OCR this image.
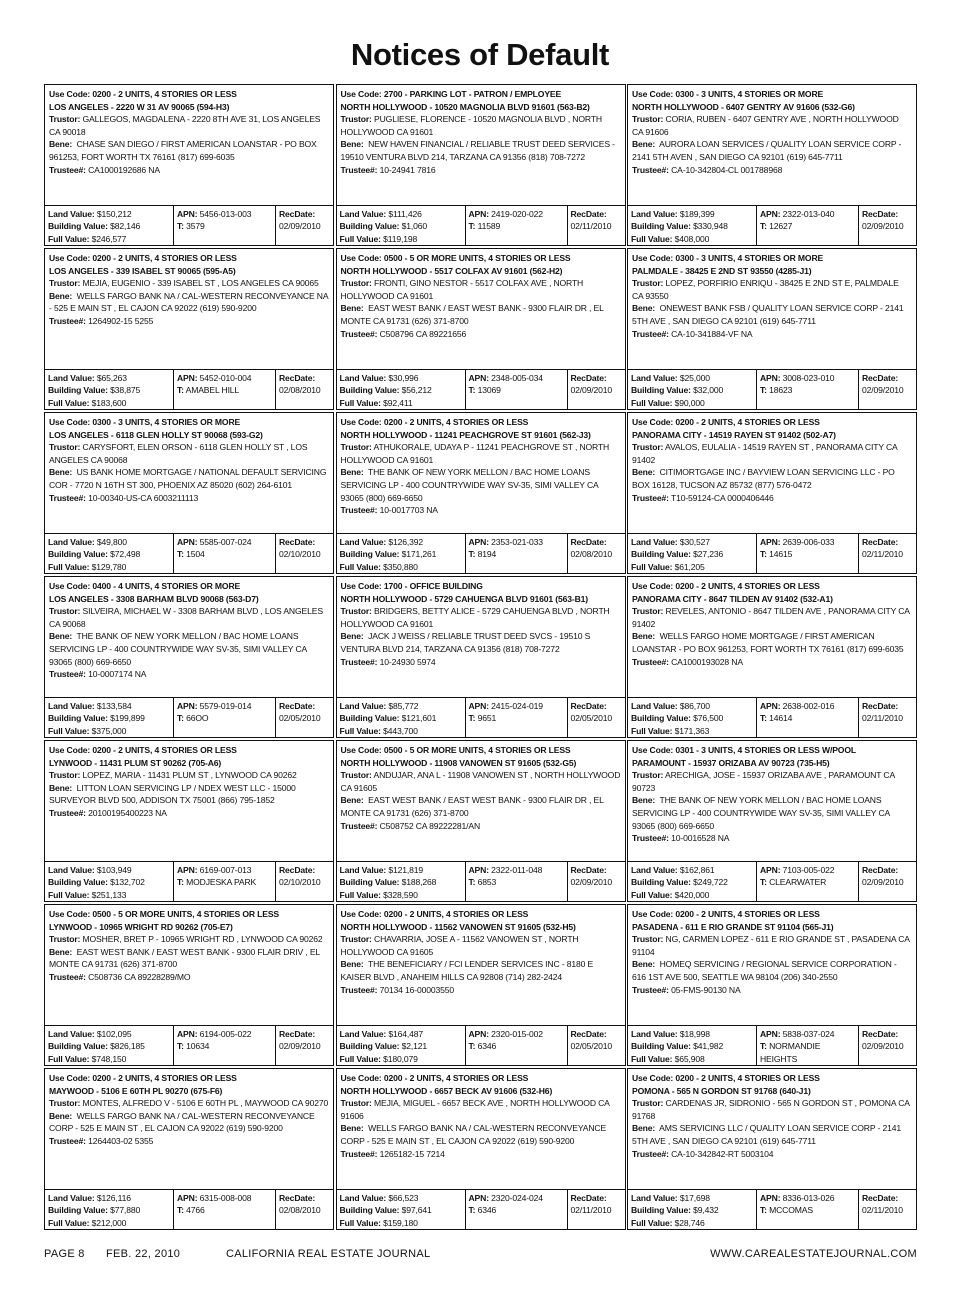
Notices of Default
Use Code: 0200 - 2 UNITS, 4 STORIES OR LESS
LOS ANGELES - 2220 W 31 AV 90065 (594-H3)
Trustor: GALLEGOS, MAGDALENA - 2220 8TH AVE 31, LOS ANGELES CA 90018
Bene: CHASE SAN DIEGO / FIRST AMERICAN LOANSTAR - PO BOX 961253, FORT WORTH TX 76161 (817) 699-6035
Trustee#: CA1000192686 NA
Land Value: $150,212
Building Value: $82,146
Full Value: $246,577
APN: 5456-013-003
T: 3579
RecDate:
02/09/2010
Use Code: 2700 - PARKING LOT - PATRON / EMPLOYEE
NORTH HOLLYWOOD - 10520 MAGNOLIA BLVD 91601 (563-B2)
Trustor: PUGLIESE, FLORENCE - 10520 MAGNOLIA BLVD , NORTH HOLLYWOOD CA 91601
Bene: NEW HAVEN FINANCIAL / RELIABLE TRUST DEED SERVICES - 19510 VENTURA BLVD 214, TARZANA CA 91356 (818) 708-7272
Trustee#: 10-24941 7816
Land Value: $111,426
Building Value: $1,060
Full Value: $119,198
APN: 2419-020-022
T: 11589
RecDate:
02/11/2010
Use Code: 0300 - 3 UNITS, 4 STORIES OR MORE
NORTH HOLLYWOOD - 6407 GENTRY AV 91606 (532-G6)
Trustor: CORIA, RUBEN - 6407 GENTRY AVE , NORTH HOLLYWOOD CA 91606
Bene: AURORA LOAN SERVICES / QUALITY LOAN SERVICE CORP - 2141 5TH AVEN , SAN DIEGO CA 92101 (619) 645-7711
Trustee#: CA-10-342804-CL 001788968
Land Value: $189,399
Building Value: $330,948
Full Value: $408,000
APN: 2322-013-040
T: 12627
RecDate:
02/09/2010
Use Code: 0200 - 2 UNITS, 4 STORIES OR LESS
LOS ANGELES - 339 ISABEL ST 90065 (595-A5)
Trustor: MEJIA, EUGENIO - 339 ISABEL ST , LOS ANGELES CA 90065
Bene: WELLS FARGO BANK NA / CAL-WESTERN RECONVEYANCE NA - 525 E MAIN ST , EL CAJON CA 92022 (619) 590-9200
Trustee#: 1264902-15 5255
Land Value: $65,263
Building Value: $38,875
Full Value: $183,600
APN: 5452-010-004
T: AMABEL HILL
RecDate:
02/08/2010
Use Code: 0500 - 5 OR MORE UNITS, 4 STORIES OR LESS
NORTH HOLLYWOOD - 5517 COLFAX AV 91601 (562-H2)
Trustor: FRONTI, GINO NESTOR - 5517 COLFAX AVE , NORTH HOLLYWOOD CA 91601
Bene: EAST WEST BANK / EAST WEST BANK - 9300 FLAIR DR , EL MONTE CA 91731 (626) 371-8700
Trustee#: C508796 CA 89221656
Land Value: $30,996
Building Value: $56,212
Full Value: $92,411
APN: 2348-005-034
T: 13069
RecDate:
02/09/2010
Use Code: 0300 - 3 UNITS, 4 STORIES OR MORE
PALMDALE - 38425 E 2ND ST 93550 (4285-J1)
Trustor: LOPEZ, PORFIRIO ENRIQU - 38425 E 2ND ST E, PALMDALE CA 93550
Bene: ONEWEST BANK FSB / QUALITY LOAN SERVICE CORP - 2141 5TH AVE , SAN DIEGO CA 92101 (619) 645-7711
Trustee#: CA-10-341884-VF NA
Land Value: $25,000
Building Value: $32,000
Full Value: $90,000
APN: 3008-023-010
T: 18623
RecDate:
02/09/2010
Use Code: 0300 - 3 UNITS, 4 STORIES OR MORE
LOS ANGELES - 6118 GLEN HOLLY ST 90068 (593-G2)
Trustor: CARYSFORT, ELEN ORSON - 6118 GLEN HOLLY ST , LOS ANGELES CA 90068
Bene: US BANK HOME MORTGAGE / NATIONAL DEFAULT SERVICING COR - 7720 N 16TH ST 300, PHOENIX AZ 85020 (602) 264-6101
Trustee#: 10-00340-US-CA 6003211113
Land Value: $49,800
Building Value: $72,498
Full Value: $129,780
APN: 5585-007-024
T: 1504
RecDate:
02/10/2010
Use Code: 0200 - 2 UNITS, 4 STORIES OR LESS
NORTH HOLLYWOOD - 11241 PEACHGROVE ST 91601 (562-J3)
Trustor: ATHUKORALE, UDAYA P - 11241 PEACHGROVE ST , NORTH HOLLYWOOD CA 91601
Bene: THE BANK OF NEW YORK MELLON / BAC HOME LOANS SERVICING LP - 400 COUNTRYWIDE WAY SV-35, SIMI VALLEY CA 93065 (800) 669-6650
Trustee#: 10-0017703 NA
Land Value: $126,392
Building Value: $171,261
Full Value: $350,880
APN: 2353-021-033
T: 8194
RecDate:
02/08/2010
Use Code: 0200 - 2 UNITS, 4 STORIES OR LESS
PANORAMA CITY - 14519 RAYEN ST 91402 (502-A7)
Trustor: AVALOS, EULALIA - 14519 RAYEN ST , PANORAMA CITY CA 91402
Bene: CITIMORTGAGE INC / BAYVIEW LOAN SERVICING LLC - PO BOX 16128, TUCSON AZ 85732 (877) 576-0472
Trustee#: T10-59124-CA 0000406446
Land Value: $30,527
Building Value: $27,236
Full Value: $61,205
APN: 2639-006-033
T: 14615
RecDate:
02/11/2010
Use Code: 0400 - 4 UNITS, 4 STORIES OR MORE
LOS ANGELES - 3308 BARHAM BLVD 90068 (563-D7)
Trustor: SILVEIRA, MICHAEL W - 3308 BARHAM BLVD , LOS ANGELES CA 90068
Bene: THE BANK OF NEW YORK MELLON / BAC HOME LOANS SERVICING LP - 400 COUNTRYWIDE WAY SV-35, SIMI VALLEY CA 93065 (800) 669-6650
Trustee#: 10-0007174 NA
Land Value: $133,584
Building Value: $199,899
Full Value: $375,000
APN: 5579-019-014
T: 66OO
RecDate:
02/05/2010
Use Code: 1700 - OFFICE BUILDING
NORTH HOLLYWOOD - 5729 CAHUENGA BLVD 91601 (563-B1)
Trustor: BRIDGERS, BETTY ALICE - 5729 CAHUENGA BLVD , NORTH HOLLYWOOD CA 91601
Bene: JACK J WEISS / RELIABLE TRUST DEED SVCS - 19510 S VENTURA BLVD 214, TARZANA CA 91356 (818) 708-7272
Trustee#: 10-24930 5974
Land Value: $85,772
Building Value: $121,601
Full Value: $443,700
APN: 2415-024-019
T: 9651
RecDate:
02/05/2010
Use Code: 0200 - 2 UNITS, 4 STORIES OR LESS
PANORAMA CITY - 8647 TILDEN AV 91402 (532-A1)
Trustor: REVELES, ANTONIO - 8647 TILDEN AVE , PANORAMA CITY CA 91402
Bene: WELLS FARGO HOME MORTGAGE / FIRST AMERICAN LOANSTAR - PO BOX 961253, FORT WORTH TX 76161 (817) 699-6035
Trustee#: CA1000193028 NA
Land Value: $86,700
Building Value: $76,500
Full Value: $171,363
APN: 2638-002-016
T: 14614
RecDate:
02/11/2010
Use Code: 0200 - 2 UNITS, 4 STORIES OR LESS
LYNWOOD - 11431 PLUM ST 90262 (705-A6)
Trustor: LOPEZ, MARIA - 11431 PLUM ST , LYNWOOD CA 90262
Bene: LITTON LOAN SERVICING LP / NDEX WEST LLC - 15000 SURVEYOR BLVD 500, ADDISON TX 75001 (866) 795-1852
Trustee#: 20100195400223 NA
Land Value: $103,949
Building Value: $132,702
Full Value: $251,133
APN: 6169-007-013
T: MODJESKA PARK
RecDate:
02/10/2010
Use Code: 0500 - 5 OR MORE UNITS, 4 STORIES OR LESS
NORTH HOLLYWOOD - 11908 VANOWEN ST 91605 (532-G5)
Trustor: ANDUJAR, ANA L - 11908 VANOWEN ST , NORTH HOLLYWOOD CA 91605
Bene: EAST WEST BANK / EAST WEST BANK - 9300 FLAIR DR , EL MONTE CA 91731 (626) 371-8700
Trustee#: C508752 CA 89222281/AN
Land Value: $121,819
Building Value: $188,268
Full Value: $328,590
APN: 2322-011-048
T: 6853
RecDate:
02/09/2010
Use Code: 0301 - 3 UNITS, 4 STORIES OR LESS W/POOL
PARAMOUNT - 15937 ORIZABA AV 90723 (735-H5)
Trustor: ARECHIGA, JOSE - 15937 ORIZABA AVE , PARAMOUNT CA 90723
Bene: THE BANK OF NEW YORK MELLON / BAC HOME LOANS SERVICING LP - 400 COUNTRYWIDE WAY SV-35, SIMI VALLEY CA 93065 (800) 669-6650
Trustee#: 10-0016528 NA
Land Value: $162,861
Building Value: $249,722
Full Value: $420,000
APN: 7103-005-022
T: CLEARWATER
RecDate:
02/09/2010
Use Code: 0500 - 5 OR MORE UNITS, 4 STORIES OR LESS
LYNWOOD - 10965 WRIGHT RD 90262 (705-E7)
Trustor: MOSHER, BRET P - 10965 WRIGHT RD , LYNWOOD CA 90262
Bene: EAST WEST BANK / EAST WEST BANK - 9300 FLAIR DRIV , EL MONTE CA 91731 (626) 371-8700
Trustee#: C508736 CA 89228289/MO
Land Value: $102,095
Building Value: $826,185
Full Value: $748,150
APN: 6194-005-022
T: 10634
RecDate:
02/09/2010
Use Code: 0200 - 2 UNITS, 4 STORIES OR LESS
NORTH HOLLYWOOD - 11562 VANOWEN ST 91605 (532-H5)
Trustor: CHAVARRIA, JOSE A - 11562 VANOWEN ST , NORTH HOLLYWOOD CA 91605
Bene: THE BENEFICIARY / FCI LENDER SERVICES INC - 8180 E KAISER BLVD , ANAHEIM HILLS CA 92808 (714) 282-2424
Trustee#: 70134 16-00003550
Land Value: $164,487
Building Value: $2,121
Full Value: $180,079
APN: 2320-015-002
T: 6346
RecDate:
02/05/2010
Use Code: 0200 - 2 UNITS, 4 STORIES OR LESS
PASADENA - 611 E RIO GRANDE ST 91104 (565-J1)
Trustor: NG, CARMEN LOPEZ - 611 E RIO GRANDE ST , PASADENA CA 91104
Bene: HOMEQ SERVICING / REGIONAL SERVICE CORPORATION - 616 1ST AVE 500, SEATTLE WA 98104 (206) 340-2550
Trustee#: 05-FMS-90130 NA
Land Value: $18,998
Building Value: $41,982
Full Value: $65,908
APN: 5838-037-024
T: NORMANDIE HEIGHTS
RecDate:
02/09/2010
Use Code: 0200 - 2 UNITS, 4 STORIES OR LESS
MAYWOOD - 5106 E 60TH PL 90270 (675-F6)
Trustor: MONTES, ALFREDO V - 5106 E 60TH PL , MAYWOOD CA 90270
Bene: WELLS FARGO BANK NA / CAL-WESTERN RECONVEYANCE CORP - 525 E MAIN ST , EL CAJON CA 92022 (619) 590-9200
Trustee#: 1264403-02 5355
Land Value: $126,116
Building Value: $77,880
Full Value: $212,000
APN: 6315-008-008
T: 4766
RecDate:
02/08/2010
Use Code: 0200 - 2 UNITS, 4 STORIES OR LESS
NORTH HOLLYWOOD - 6657 BECK AV 91606 (532-H6)
Trustor: MEJIA, MIGUEL - 6657 BECK AVE , NORTH HOLLYWOOD CA 91606
Bene: WELLS FARGO BANK NA / CAL-WESTERN RECONVEYANCE CORP - 525 E MAIN ST , EL CAJON CA 92022 (619) 590-9200
Trustee#: 1265182-15 7214
Land Value: $66,523
Building Value: $97,641
Full Value: $159,180
APN: 2320-024-024
T: 6346
RecDate:
02/11/2010
Use Code: 0200 - 2 UNITS, 4 STORIES OR LESS
POMONA - 565 N GORDON ST 91768 (640-J1)
Trustor: CARDENAS JR, SIDRONIO - 565 N GORDON ST , POMONA CA 91768
Bene: AMS SERVICING LLC / QUALITY LOAN SERVICE CORP - 2141 5TH AVE , SAN DIEGO CA 92101 (619) 645-7711
Trustee#: CA-10-342842-RT 5003104
Land Value: $17,698
Building Value: $9,432
Full Value: $28,746
APN: 8336-013-026
T: MCCOMAS
RecDate:
02/11/2010
PAGE 8	FEB. 22, 2010	CALIFORNIA REAL ESTATE JOURNAL	WWW.CAREALESTATEJOURNAL.COM
